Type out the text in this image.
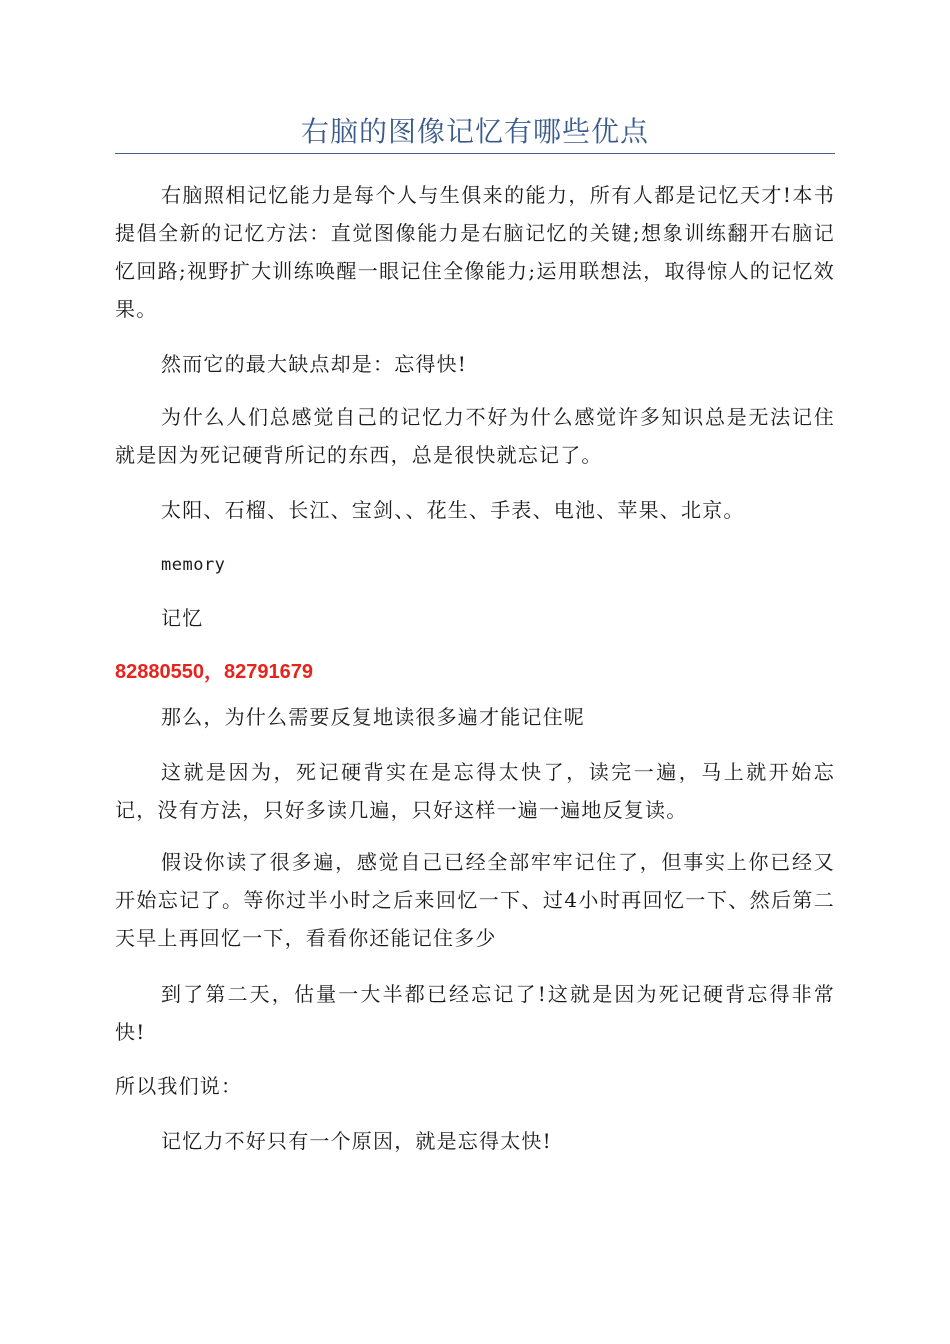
右脑的图像记忆有哪些优点
右脑照相记忆能力是每个人与生俱来的能力，所有人都是记忆天才!本书提倡全新的记忆方法：直觉图像能力是右脑记忆的关键;想象训练翻开右脑记忆回路;视野扩大训练唤醒一眼记住全像能力;运用联想法，取得惊人的记忆效果。
然而它的最大缺点却是：忘得快!
为什么人们总感觉自己的记忆力不好为什么感觉许多知识总是无法记住就是因为死记硬背所记的东西，总是很快就忘记了。
太阳、石榴、长江、宝剑、、花生、手表、电池、苹果、北京。
memory
记忆
82880550，82791679
那么，为什么需要反复地读很多遍才能记住呢
这就是因为，死记硬背实在是忘得太快了，读完一遍，马上就开始忘记，没有方法，只好多读几遍，只好这样一遍一遍地反复读。
假设你读了很多遍，感觉自己已经全部牢牢记住了，但事实上你已经又开始忘记了。等你过半小时之后来回忆一下、过4小时再回忆一下、然后第二天早上再回忆一下，看看你还能记住多少
到了第二天，估量一大半都已经忘记了!这就是因为死记硬背忘得非常快!
所以我们说：
记忆力不好只有一个原因，就是忘得太快!
